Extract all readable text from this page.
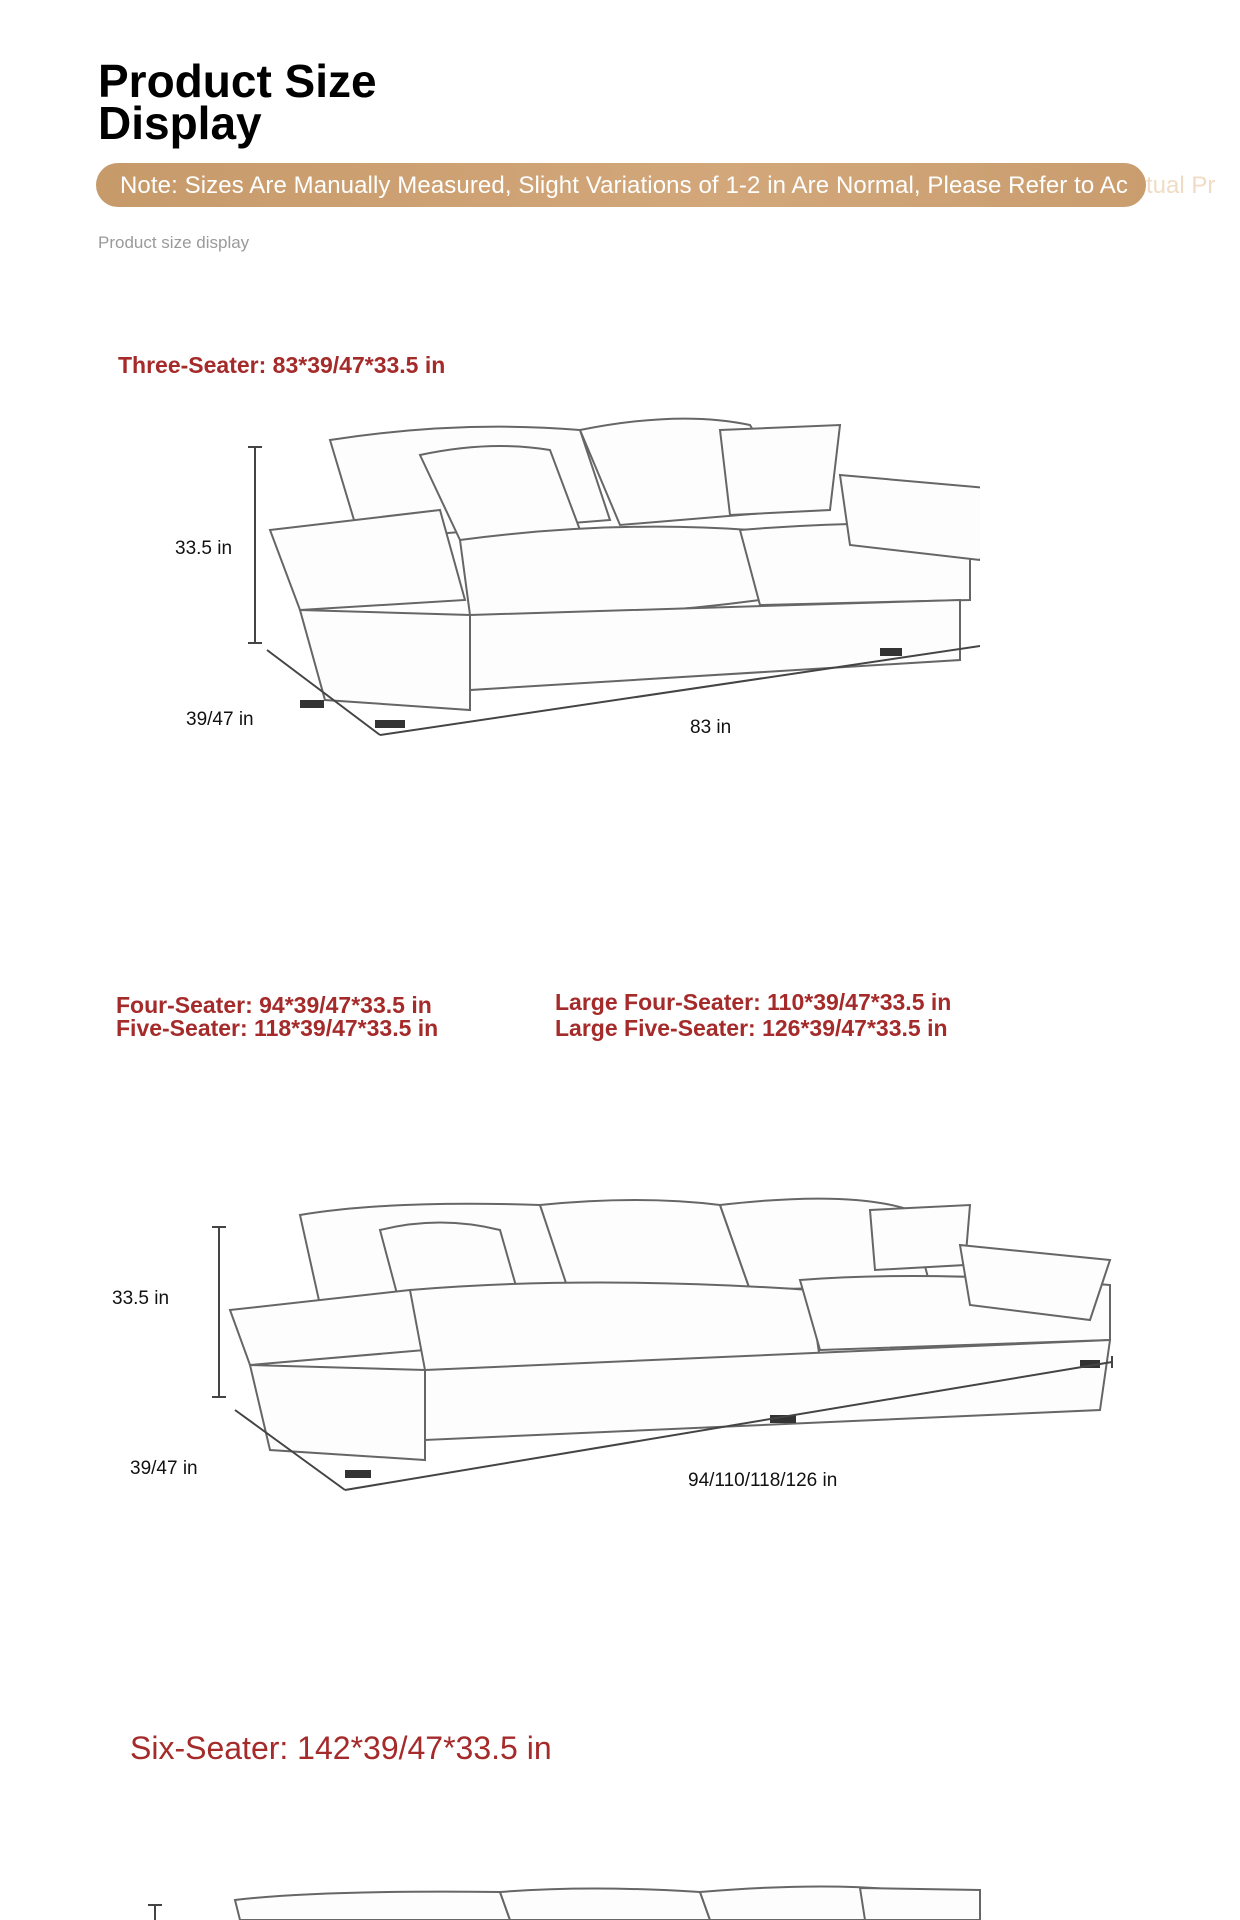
Product Size Display
Note: Sizes Are Manually Measured, Slight Variations of 1-2 in Are Normal, Please Refer to Ac tual Pr
Product size display
Three-Seater: 83*39/47*33.5 in
33.5 in
39/47 in	83 in
Four-Seater: 94*39/47*33.5 in
Five-Seater: 118*39/47*33.5 in
Large Four-Seater: 110*39/47*33.5 in
Large Five-Seater: 126*39/47*33.5 in
33.5 in
39/47 in
94/110/118/126 in
Six-Seater: 142*39/47*33.5 in
